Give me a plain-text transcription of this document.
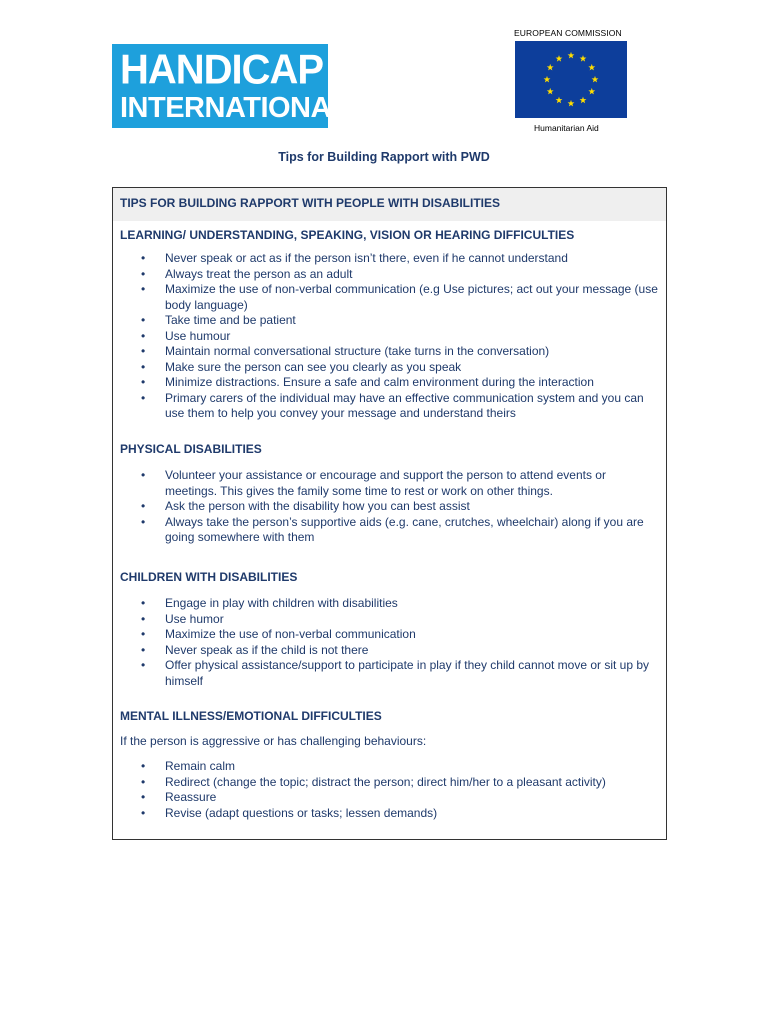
HANDICAP
INTERNATIONAL
EUROPEAN COMMISSION
Humanitarian Aid
Tips for Building Rapport with PWD
TIPS FOR BUILDING RAPPORT WITH PEOPLE WITH DISABILITIES
LEARNING/ UNDERSTANDING, SPEAKING, VISION OR HEARING DIFFICULTIES
• Never speak or act as if the person isn’t there, even if he cannot understand
• Always treat the person as an adult
• Maximize the use of non-verbal communication (e.g Use pictures; act out your message (use body language)
• Take time and be patient
• Use humour
• Maintain normal conversational structure (take turns in the conversation)
• Make sure the person can see you clearly as you speak
• Minimize distractions. Ensure a safe and calm environment during the interaction
• Primary carers of the individual may have an effective communication system and you can use them to help you convey your message and understand theirs
PHYSICAL DISABILITIES
• Volunteer your assistance or encourage and support the person to attend events or meetings. This gives the family some time to rest or work on other things.
• Ask the person with the disability how you can best assist
• Always take the person’s supportive aids (e.g. cane, crutches, wheelchair) along if you are going somewhere with them
CHILDREN WITH DISABILITIES
• Engage in play with children with disabilities
• Use humor
• Maximize the use of non-verbal communication
• Never speak as if the child is not there
• Offer physical assistance/support to participate in play if they child cannot move or sit up by himself
MENTAL ILLNESS/EMOTIONAL DIFFICULTIES
If the person is aggressive or has challenging behaviours:
• Remain calm
• Redirect (change the topic; distract the person; direct him/her to a pleasant activity)
• Reassure
• Revise (adapt questions or tasks; lessen demands)
